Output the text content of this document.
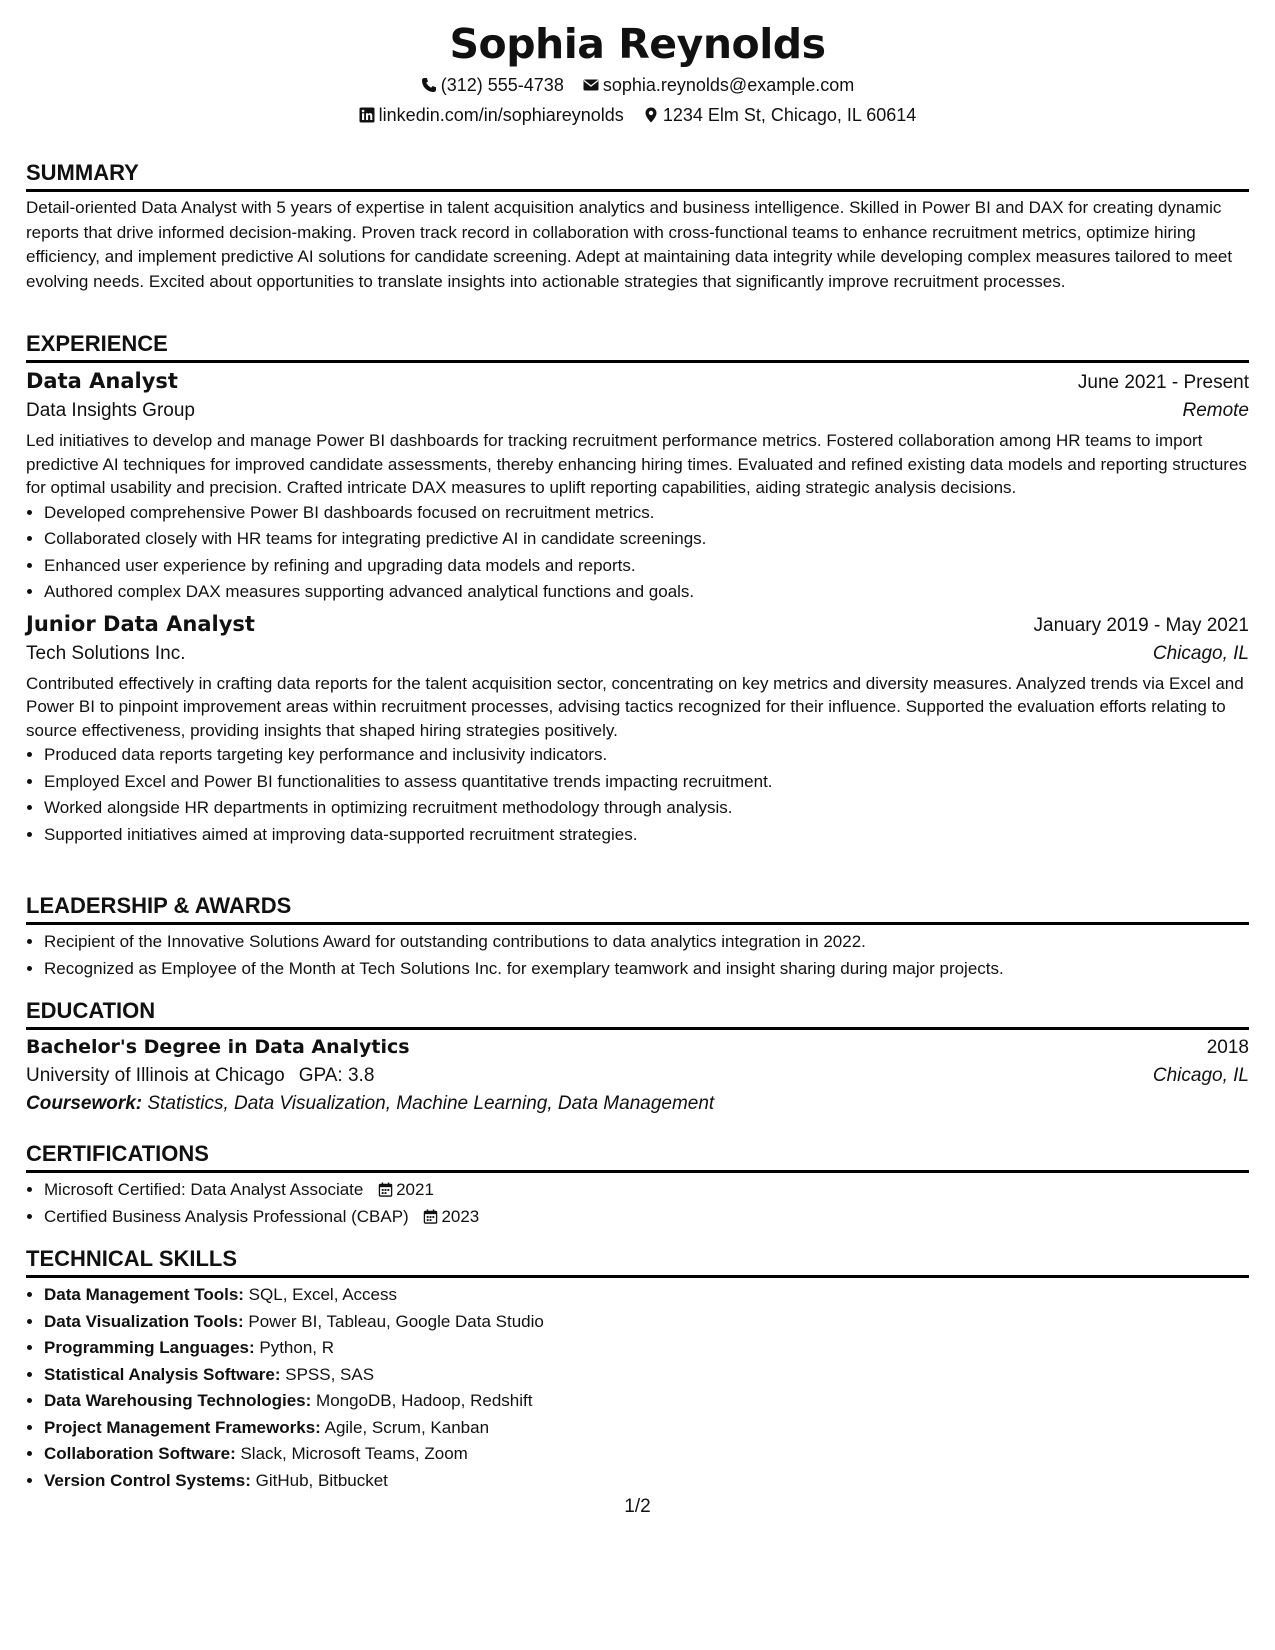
Sophia Reynolds
(312) 555-4738 sophia.reynolds@example.com
linkedin.com/in/sophiareynolds 1234 Elm St, Chicago, IL 60614
SUMMARY

Detail-oriented Data Analyst with 5 years of expertise in talent acquisition analytics and business intelligence. Skilled in Power BI and DAX for creating dynamic reports that drive informed decision-making. Proven track record in collaboration with cross-functional teams to enhance recruitment metrics, optimize hiring efficiency, and implement predictive AI solutions for candidate screening. Adept at maintaining data integrity while developing complex measures tailored to meet evolving needs. Excited about opportunities to translate insights into actionable strategies that significantly improve recruitment processes.

EXPERIENCE
Data Analyst	June 2021 - Present
Data Insights Group	Remote

Led initiatives to develop and manage Power BI dashboards for tracking recruitment performance metrics. Fostered collaboration among HR teams to import predictive AI techniques for improved candidate assessments, thereby enhancing hiring times. Evaluated and refined existing data models and reporting structures for optimal usability and precision. Crafted intricate DAX measures to uplift reporting capabilities, aiding strategic analysis decisions.

• Developed comprehensive Power BI dashboards focused on recruitment metrics.
• Collaborated closely with HR teams for integrating predictive AI in candidate screenings.
• Enhanced user experience by refining and upgrading data models and reports.
• Authored complex DAX measures supporting advanced analytical functions and goals.
Junior Data Analyst	January 2019 - May 2021
Tech Solutions Inc.	Chicago, IL

Contributed effectively in crafting data reports for the talent acquisition sector, concentrating on key metrics and diversity measures. Analyzed trends via Excel and Power BI to pinpoint improvement areas within recruitment processes, advising tactics recognized for their influence. Supported the evaluation efforts relating to source effectiveness, providing insights that shaped hiring strategies positively.

• Produced data reports targeting key performance and inclusivity indicators.
• Employed Excel and Power BI functionalities to assess quantitative trends impacting recruitment.
• Worked alongside HR departments in optimizing recruitment methodology through analysis.
• Supported initiatives aimed at improving data-supported recruitment strategies.
LEADERSHIP & AWARDS
• Recipient of the Innovative Solutions Award for outstanding contributions to data analytics integration in 2022.
• Recognized as Employee of the Month at Tech Solutions Inc. for exemplary teamwork and insight sharing during major projects.
EDUCATION
Bachelor's Degree in Data Analytics	2018
University of Illinois at Chicago GPA: 3.8	Chicago, IL
Coursework: Statistics, Data Visualization, Machine Learning, Data Management
CERTIFICATIONS
• Microsoft Certified: Data Analyst Associate 2021
• Certified Business Analysis Professional (CBAP) 2023
TECHNICAL SKILLS
• Data Management Tools: SQL, Excel, Access
• Data Visualization Tools: Power BI, Tableau, Google Data Studio
• Programming Languages: Python, R
• Statistical Analysis Software: SPSS, SAS
• Data Warehousing Technologies: MongoDB, Hadoop, Redshift
• Project Management Frameworks: Agile, Scrum, Kanban
• Collaboration Software: Slack, Microsoft Teams, Zoom
• Version Control Systems: GitHub, Bitbucket
1/2
